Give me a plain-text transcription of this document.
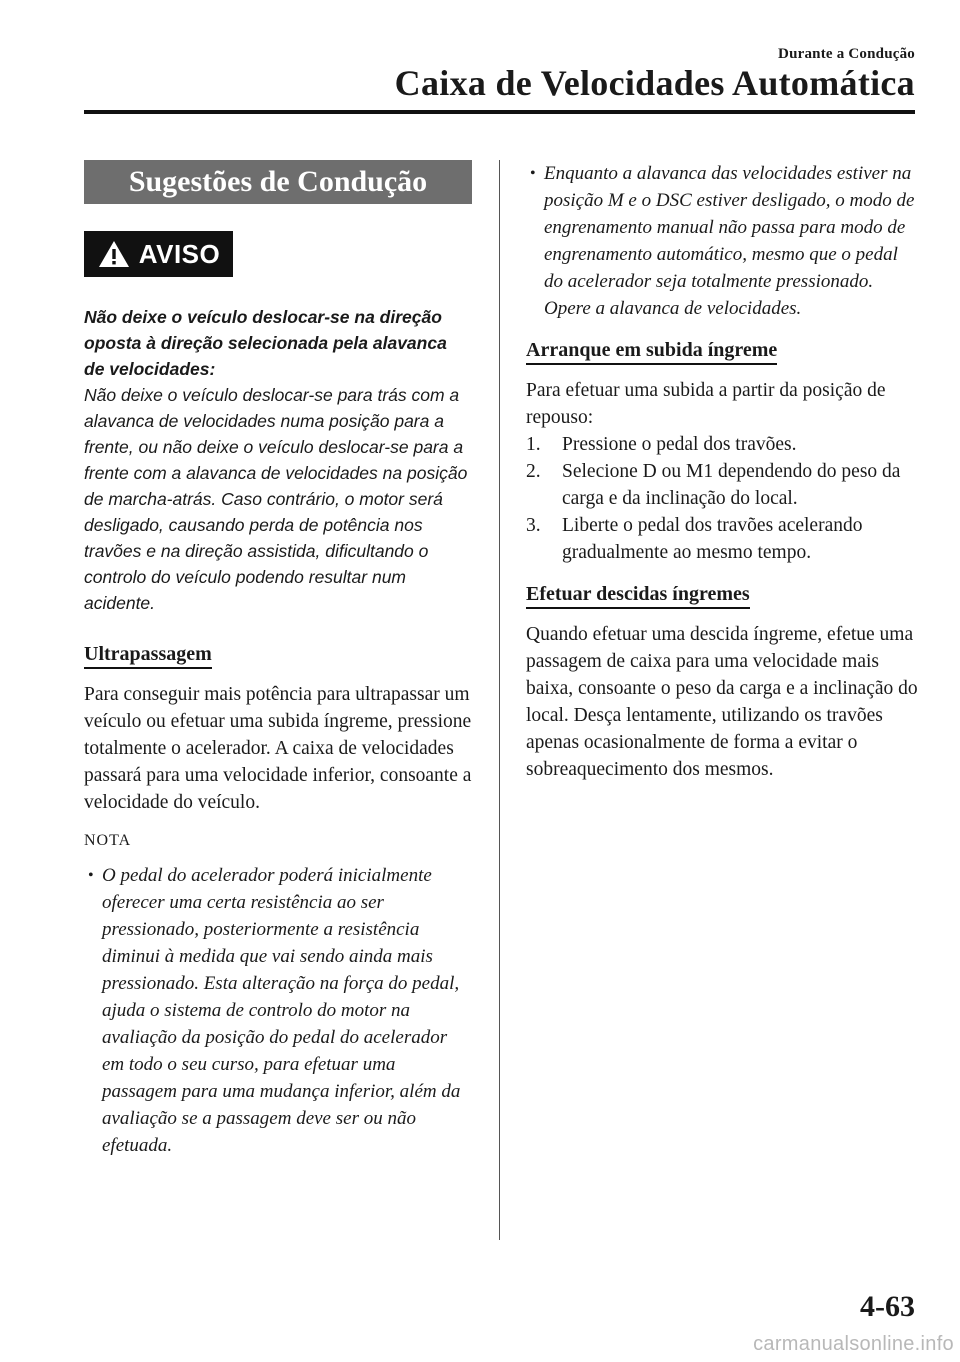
Durante a Condução
Caixa de Velocidades Automática
Sugestões de Condução
AVISO
Não deixe o veículo deslocar-se na direção oposta à direção selecionada pela alavanca de velocidades:
Não deixe o veículo deslocar-se para trás com a alavanca de velocidades numa posição para a frente, ou não deixe o veículo deslocar-se para a frente com a alavanca de velocidades na posição de marcha-atrás. Caso contrário, o motor será desligado, causando perda de potência nos travões e na direção assistida, dificultando o controlo do veículo podendo resultar num acidente.
Ultrapassagem

Para conseguir mais potência para ultrapassar um veículo ou efetuar uma subida íngreme, pressione totalmente o acelerador. A caixa de velocidades passará para uma velocidade inferior, consoante a velocidade do veículo.

NOTA
• O pedal do acelerador poderá inicialmente oferecer uma certa resistência ao ser pressionado, posteriormente a resistência diminui à medida que vai sendo ainda mais pressionado. Esta alteração na força do pedal, ajuda o sistema de controlo do motor na avaliação da posição do pedal do acelerador em todo o seu curso, para efetuar uma passagem para uma mudança inferior, além da avaliação se a passagem deve ser ou não efetuada.
• Enquanto a alavanca das velocidades estiver na posição M e o DSC estiver desligado, o modo de engrenamento manual não passa para modo de engrenamento automático, mesmo que o pedal do acelerador seja totalmente pressionado. Opere a alavanca de velocidades.
Arranque em subida íngreme

Para efetuar uma subida a partir da posição de repouso:

1. Pressione o pedal dos travões.
2. Selecione D ou M1 dependendo do peso da carga e da inclinação do local.
3. Liberte o pedal dos travões acelerando gradualmente ao mesmo tempo.
Efetuar descidas íngremes

Quando efetuar uma descida íngreme, efetue uma passagem de caixa para uma velocidade mais baixa, consoante o peso da carga e a inclinação do local. Desça lentamente, utilizando os travões apenas ocasionalmente de forma a evitar o sobreaquecimento dos mesmos.

4-63
carmanualsonline.info
